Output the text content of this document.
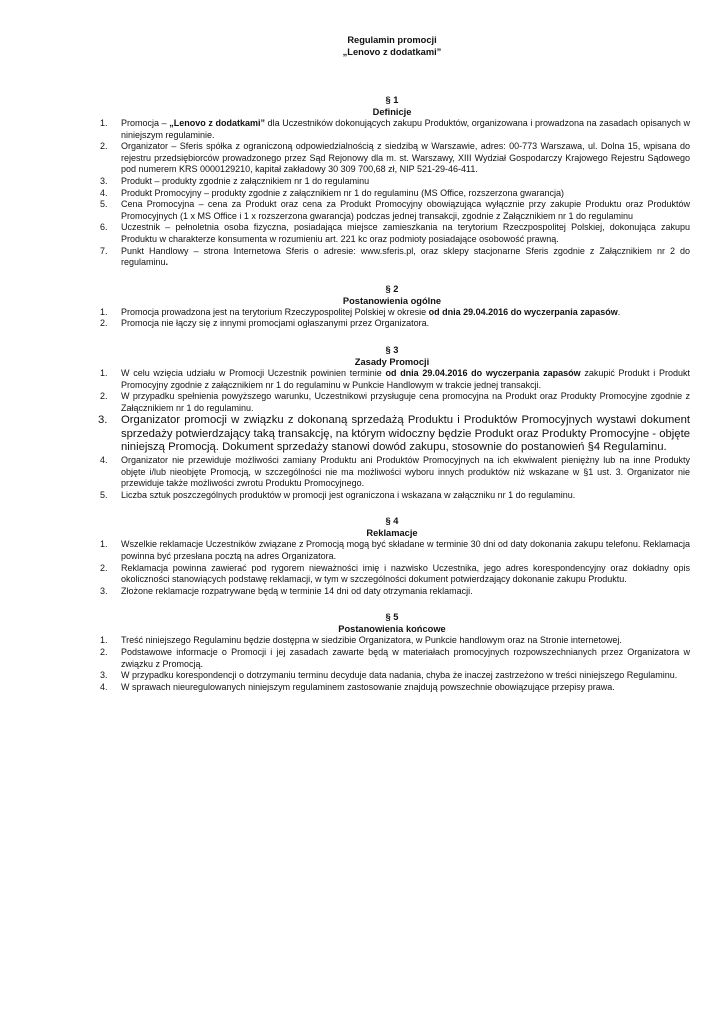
Regulamin promocji
„Lenovo z dodatkami”
§ 1
Definicje
1. Promocja – „Lenovo z dodatkami” dla Uczestników dokonujących zakupu Produktów, organizowana i prowadzona na zasadach opisanych w niniejszym regulaminie.
2. Organizator – Sferis spółka z ograniczoną odpowiedzialnością z siedzibą w Warszawie, adres: 00-773 Warszawa, ul. Dolna 15, wpisana do rejestru przedsiębiorców prowadzonego przez Sąd Rejonowy dla m. st. Warszawy, XIII Wydział Gospodarczy Krajowego Rejestru Sądowego pod numerem KRS 0000129210, kapitał zakładowy 30 309 700,68 zł, NIP 521-29-46-411.
3. Produkt – produkty zgodnie z załącznikiem nr 1 do regulaminu
4. Produkt Promocyjny – produkty zgodnie z załącznikiem nr 1 do regulaminu (MS Office, rozszerzona gwarancja)
5. Cena Promocyjna – cena za Produkt oraz cena za Produkt Promocyjny obowiązująca wyłącznie przy zakupie Produktu oraz Produktów Promocyjnych (1 x MS Office i 1 x rozszerzona gwarancja) podczas jednej transakcji, zgodnie z Załącznikiem nr 1 do regulaminu
6. Uczestnik – pełnoletnia osoba fizyczna, posiadająca miejsce zamieszkania na terytorium Rzeczpospolitej Polskiej, dokonująca zakupu Produktu w charakterze konsumenta w rozumieniu art. 221 kc oraz podmioty posiadające osobowość prawną.
7. Punkt Handlowy – strona Internetowa Sferis o adresie: www.sferis.pl, oraz sklepy stacjonarne Sferis zgodnie z Załącznikiem nr 2 do regulaminu.
§ 2
Postanowienia ogólne
1. Promocja prowadzona jest na terytorium Rzeczypospolitej Polskiej w okresie od dnia 29.04.2016 do wyczerpania zapasów.
2. Promocja nie łączy się z innymi promocjami ogłaszanymi przez Organizatora.
§ 3
Zasady Promocji
1. W celu wzięcia udziału w Promocji Uczestnik powinien terminie od dnia 29.04.2016 do wyczerpania zapasów zakupić Produkt i Produkt Promocyjny zgodnie z załącznikiem nr 1 do regulaminu w Punkcie Handlowym w trakcie jednej transakcji.
2. W przypadku spełnienia powyższego warunku, Uczestnikowi przysługuje cena promocyjna na Produkt oraz Produkty Promocyjne zgodnie z Załącznikiem nr 1 do regulaminu.
3. Organizator promocji w związku z dokonaną sprzedażą Produktu i Produktów Promocyjnych wystawi dokument sprzedaży potwierdzający taką transakcję, na którym widoczny będzie Produkt oraz Produkty Promocyjne - objęte niniejszą Promocją. Dokument sprzedaży stanowi dowód zakupu, stosownie do postanowień §4 Regulaminu.
4. Organizator nie przewiduje możliwości zamiany Produktu ani Produktów Promocyjnych na ich ekwiwalent pieniężny lub na inne Produkty objęte i/lub nieobjęte Promocją, w szczególności nie ma możliwości wyboru innych produktów niż wskazane w §1 ust. 3. Organizator nie przewiduje także możliwości zwrotu Produktu Promocyjnego.
5. Liczba sztuk poszczególnych produktów w promocji jest ograniczona i wskazana w załączniku nr 1 do regulaminu.
§ 4
Reklamacje
1. Wszelkie reklamacje Uczestników związane z Promocją mogą być składane w terminie 30 dni od daty dokonania zakupu telefonu. Reklamacja powinna być przesłana pocztą na adres Organizatora.
2. Reklamacja powinna zawierać pod rygorem nieważności imię i nazwisko Uczestnika, jego adres korespondencyjny oraz dokładny opis okoliczności stanowiących podstawę reklamacji, w tym w szczególności dokument potwierdzający dokonanie zakupu Produktu.
3. Złożone reklamacje rozpatrywane będą w terminie 14 dni od daty otrzymania reklamacji.
§ 5
Postanowienia końcowe
1. Treść niniejszego Regulaminu będzie dostępna w siedzibie Organizatora, w Punkcie handlowym oraz na Stronie internetowej.
2. Podstawowe informacje o Promocji i jej zasadach zawarte będą w materiałach promocyjnych rozpowszechnianych przez Organizatora w związku z Promocją.
3. W przypadku korespondencji o dotrzymaniu terminu decyduje data nadania, chyba że inaczej zastrzeżono w treści niniejszego Regulaminu.
4. W sprawach nieuregulowanych niniejszym regulaminem zastosowanie znajdują powszechnie obowiązujące przepisy prawa.
